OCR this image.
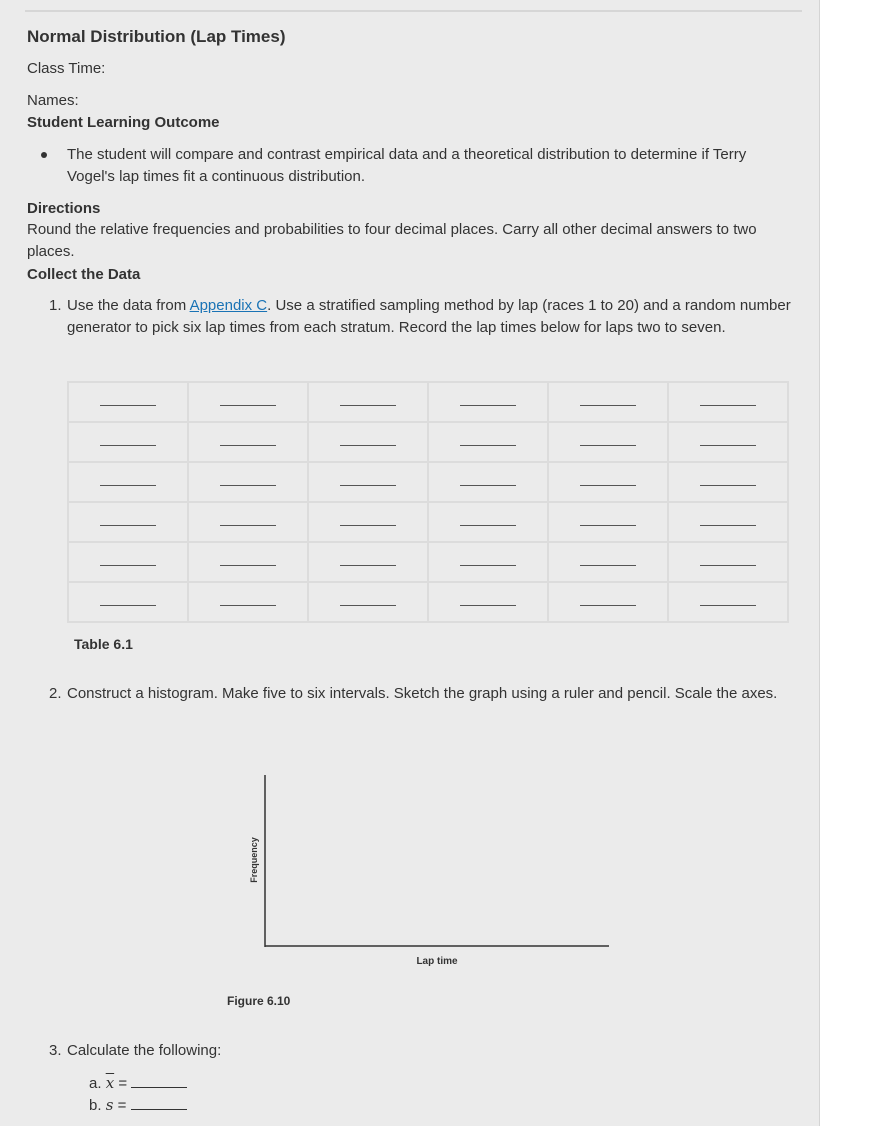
Normal Distribution (Lap Times)
Class Time:
Names:
Student Learning Outcome
The student will compare and contrast empirical data and a theoretical distribution to determine if Terry Vogel's lap times fit a continuous distribution.
Directions
Round the relative frequencies and probabilities to four decimal places. Carry all other decimal answers to two places.
Collect the Data
1. Use the data from Appendix C. Use a stratified sampling method by lap (races 1 to 20) and a random number generator to pick six lap times from each stratum. Record the lap times below for laps two to seven.

Table 6.1
2. Construct a histogram. Make five to six intervals. Sketch the graph using a ruler and pencil. Scale the axes.
Frequency
Lap time
Figure 6.10
3. Calculate the following:
a. $\overline{x}$ =
b. s =
